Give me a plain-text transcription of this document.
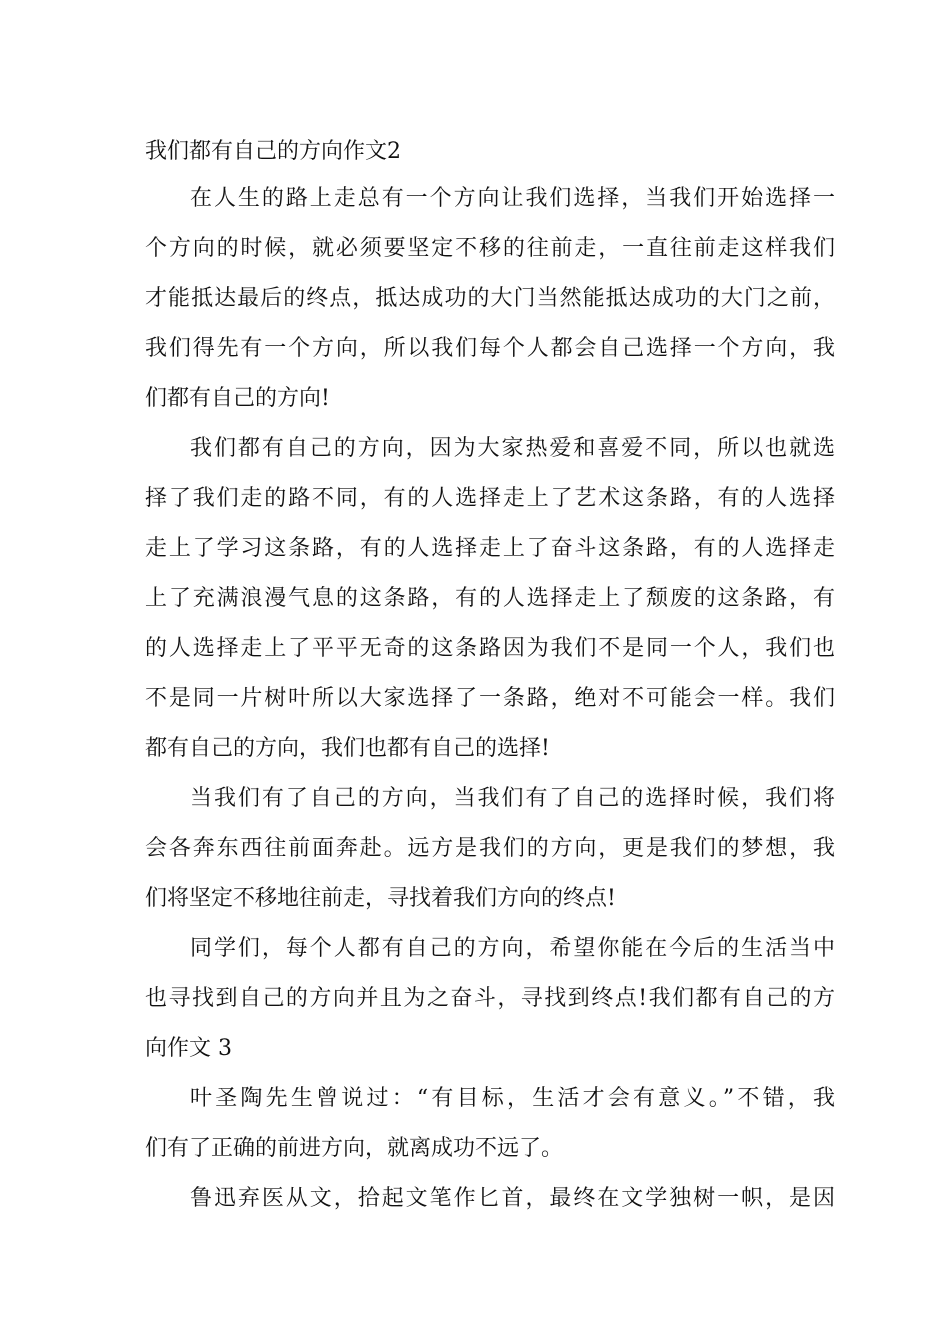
我们都有自己的方向作文2
在人生的路上走总有一个方向让我们选择，当我们开始选择一
个方向的时候，就必须要坚定不移的往前走，一直往前走这样我们
才能抵达最后的终点，抵达成功的大门当然能抵达成功的大门之前，
我们得先有一个方向，所以我们每个人都会自己选择一个方向，我
们都有自己的方向!
我们都有自己的方向，因为大家热爱和喜爱不同，所以也就选
择了我们走的路不同，有的人选择走上了艺术这条路，有的人选择
走上了学习这条路，有的人选择走上了奋斗这条路，有的人选择走
上了充满浪漫气息的这条路，有的人选择走上了颓废的这条路，有
的人选择走上了平平无奇的这条路因为我们不是同一个人，我们也
不是同一片树叶所以大家选择了一条路，绝对不可能会一样。我们
都有自己的方向，我们也都有自己的选择!
当我们有了自己的方向，当我们有了自己的选择时候，我们将
会各奔东西往前面奔赴。远方是我们的方向，更是我们的梦想，我
们将坚定不移地往前走，寻找着我们方向的终点!
同学们，每个人都有自己的方向，希望你能在今后的生活当中
也寻找到自己的方向并且为之奋斗，寻找到终点!我们都有自己的方
向作文 3
叶圣陶先生曾说过：“有目标，生活才会有意义。”不错，我
们有了正确的前进方向，就离成功不远了。
鲁迅弃医从文，拾起文笔作匕首，最终在文学独树一帜，是因
